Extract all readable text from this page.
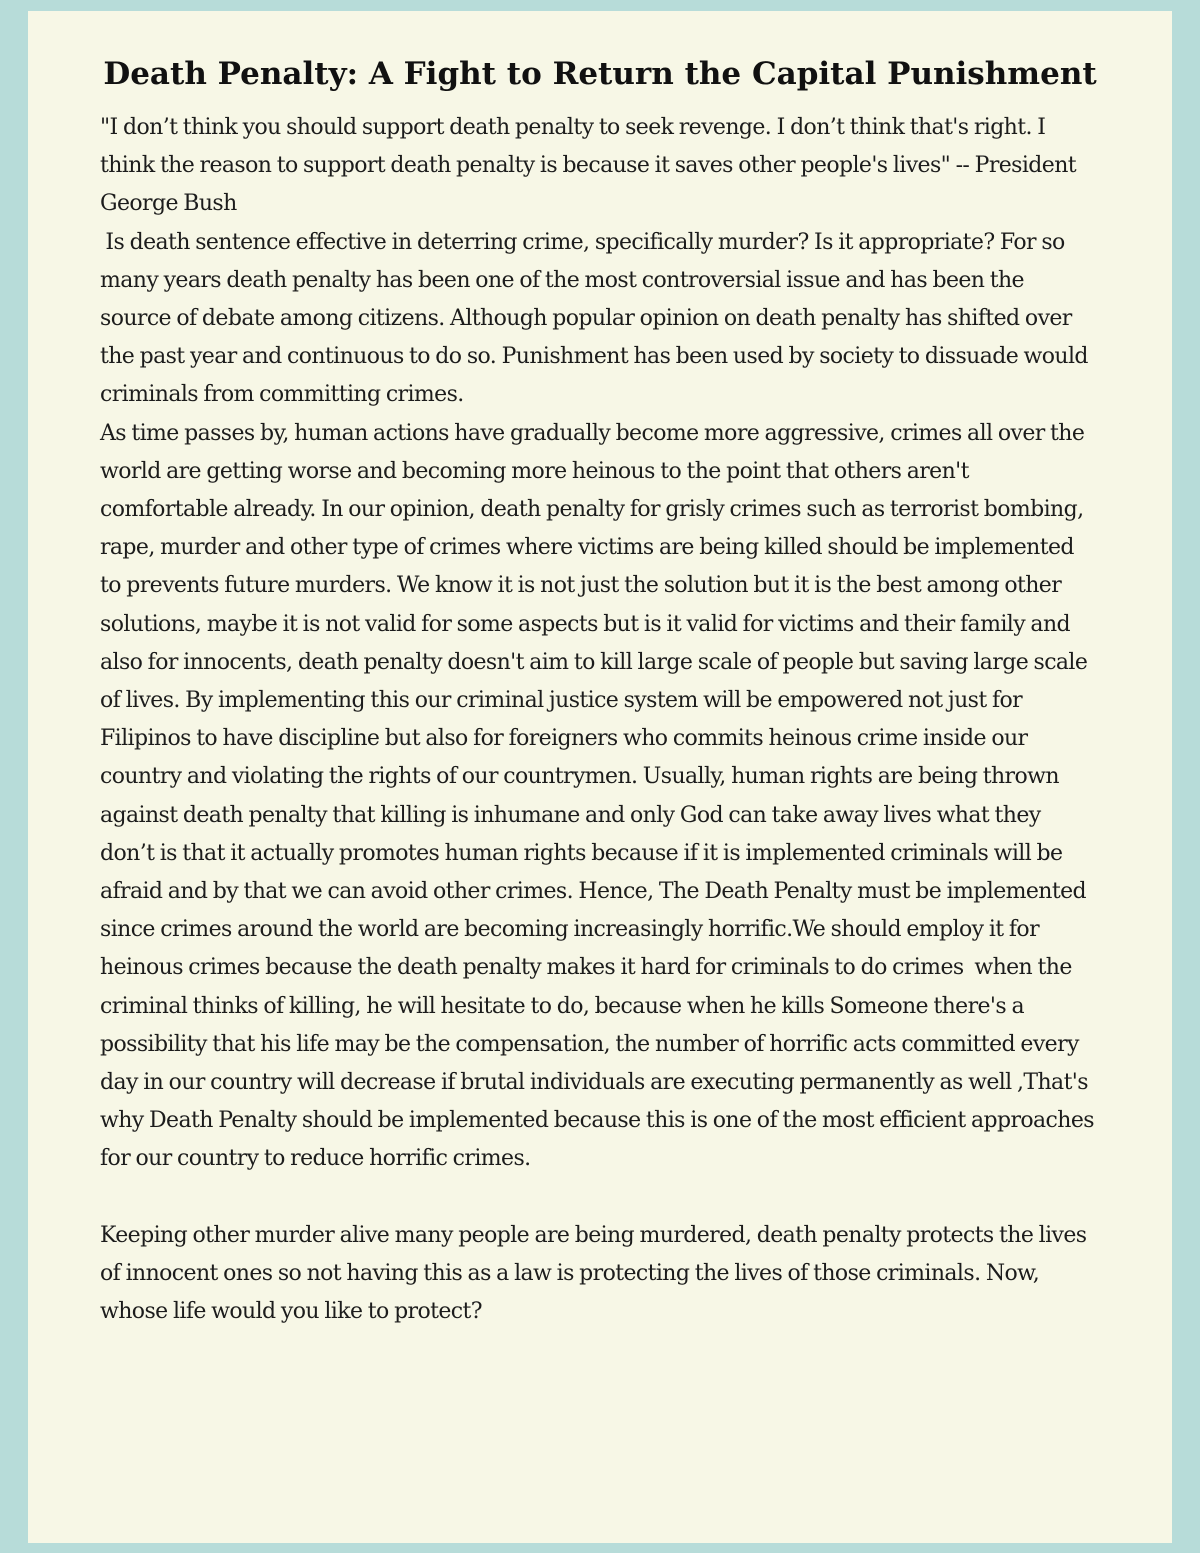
Death Penalty: A Fight to Return the Capital Punishment

"I don’t think you should support death penalty to seek revenge. I don’t think that's right. I think the reason to support death penalty is because it saves other people's lives" -- President George Bush

Is death sentence effective in deterring crime, specifically murder? Is it appropriate? For so many years death penalty has been one of the most controversial issue and has been the source of debate among citizens. Although popular opinion on death penalty has shifted over the past year and continuous to do so. Punishment has been used by society to dissuade would criminals from committing crimes.

As time passes by, human actions have gradually become more aggressive, crimes all over the world are getting worse and becoming more heinous to the point that others aren't comfortable already. In our opinion, death penalty for grisly crimes such as terrorist bombing, rape, murder and other type of crimes where victims are being killed should be implemented to prevents future murders. We know it is not just the solution but it is the best among other solutions, maybe it is not valid for some aspects but is it valid for victims and their family and also for innocents, death penalty doesn't aim to kill large scale of people but saving large scale of lives. By implementing this our criminal justice system will be empowered not just for Filipinos to have discipline but also for foreigners who commits heinous crime inside our country and violating the rights of our countrymen. Usually, human rights are being thrown against death penalty that killing is inhumane and only God can take away lives what they don’t is that it actually promotes human rights because if it is implemented criminals will be afraid and by that we can avoid other crimes. Hence, The Death Penalty must be implemented since crimes around the world are becoming increasingly horrific.We should employ it for heinous crimes because the death penalty makes it hard for criminals to do crimes  when the criminal thinks of killing, he will hesitate to do, because when he kills Someone there's a possibility that his life may be the compensation, the number of horrific acts committed every day in our country will decrease if brutal individuals are executing permanently as well ,That's why Death Penalty should be implemented because this is one of the most efficient approaches for our country to reduce horrific crimes.

Keeping other murder alive many people are being murdered, death penalty protects the lives of innocent ones so not having this as a law is protecting the lives of those criminals. Now, whose life would you like to protect?
